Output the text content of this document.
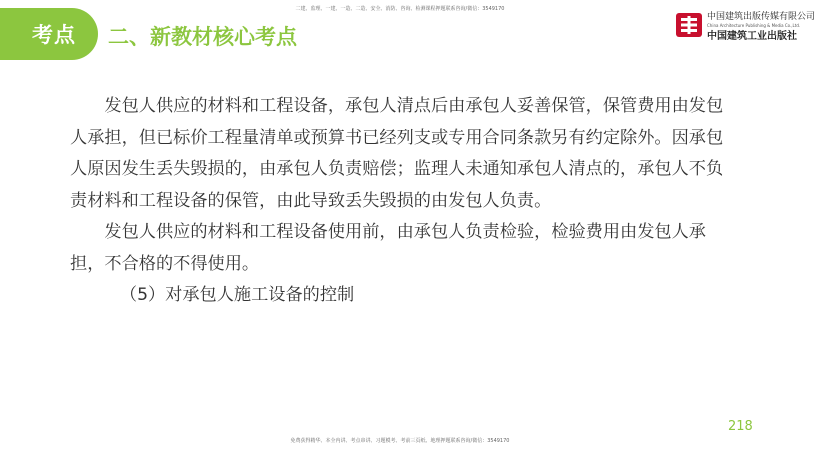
二建、监理、一建、一造、二造、安全、消防、咨询、检测课程押题联系咨询/微信：3549170
考点 二、新教材核心考点
中国建筑出版传媒有限公司
China Architecture Publishing & Media Co.,Ltd.
中国建筑工业出版社

发包人供应的材料和工程设备，承包人清点后由承包人妥善保管，保管费用由发包人承担，但已标价工程量清单或预算书已经列支或专用合同条款另有约定除外。因承包人原因发生丢失毁损的，由承包人负责赔偿；监理人未通知承包人清点的，承包人不负责材料和工程设备的保管，由此导致丢失毁损的由发包人负责。

发包人供应的材料和工程设备使用前，由承包人负责检验，检验费用由发包人承担，不合格的不得使用。

（5）对承包人施工设备的控制

218
免费获得精华、本全内讲、考点串讲、习题模考、考前三页纸、地理押题联系咨询/微信：3549170
